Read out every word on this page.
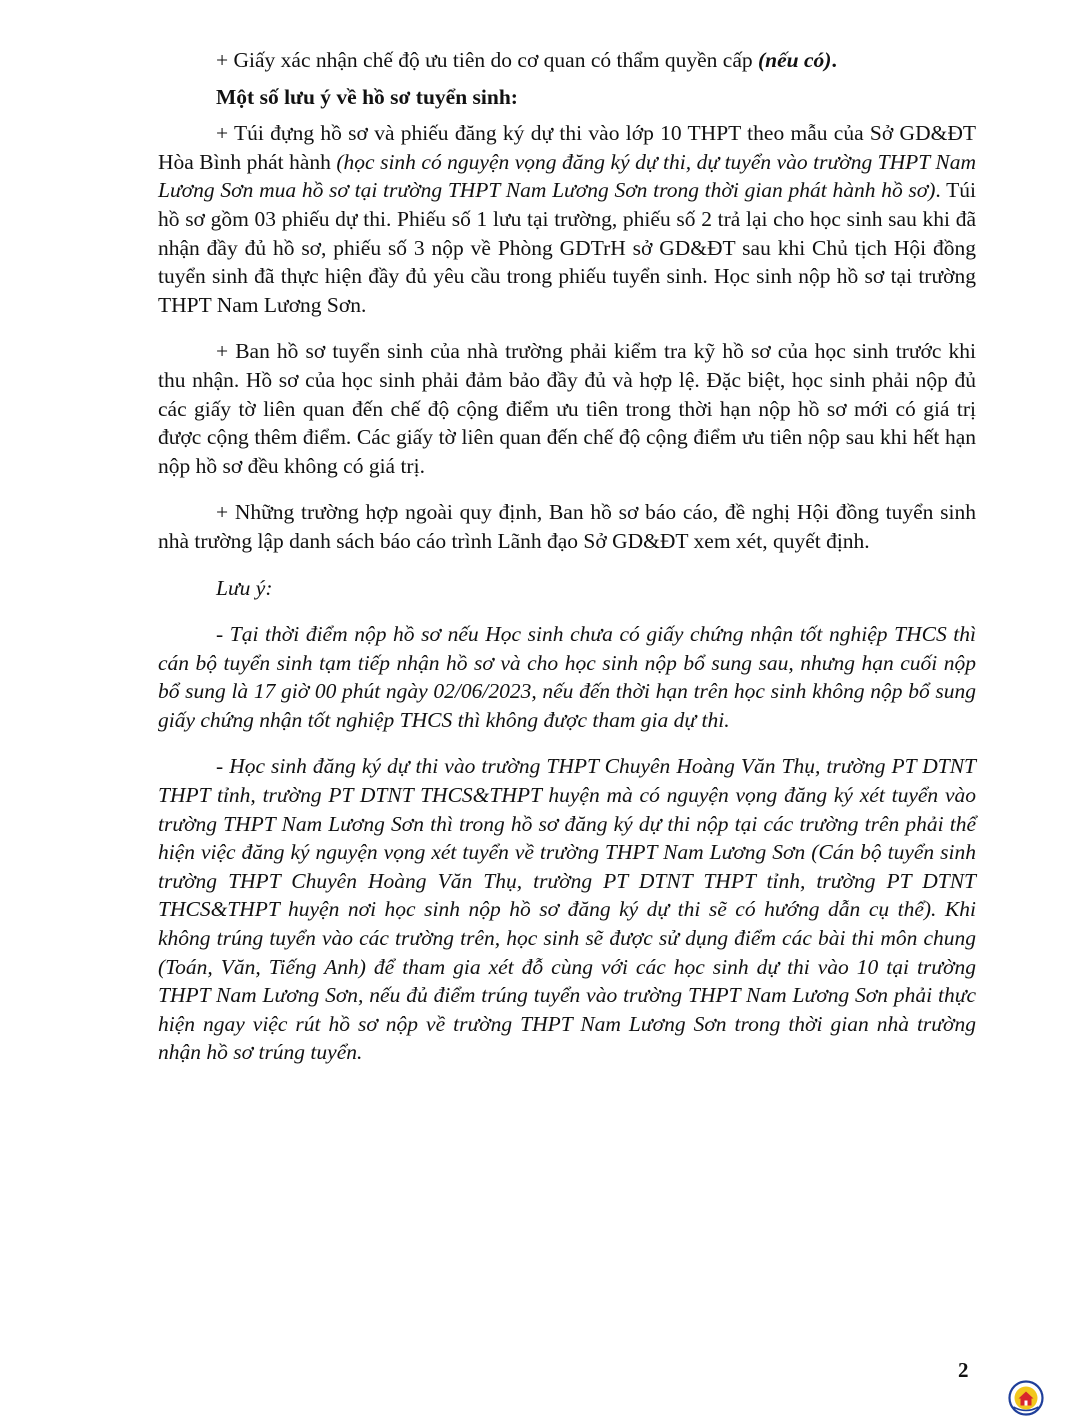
+ Giấy xác nhận chế độ ưu tiên do cơ quan có thẩm quyền cấp (nếu có).

Một số lưu ý về hồ sơ tuyển sinh:

+ Túi đựng hồ sơ và phiếu đăng ký dự thi vào lớp 10 THPT theo mẫu của Sở GD&ĐT Hòa Bình phát hành (học sinh có nguyện vọng đăng ký dự thi, dự tuyển vào trường THPT Nam Lương Sơn mua hồ sơ tại trường THPT Nam Lương Sơn trong thời gian phát hành hồ sơ). Túi hồ sơ gồm 03 phiếu dự thi. Phiếu số 1 lưu tại trường, phiếu số 2 trả lại cho học sinh sau khi đã nhận đầy đủ hồ sơ, phiếu số 3 nộp về Phòng GDTrH sở GD&ĐT sau khi Chủ tịch Hội đồng tuyển sinh đã thực hiện đầy đủ yêu cầu trong phiếu tuyển sinh. Học sinh nộp hồ sơ tại trường THPT Nam Lương Sơn.

+ Ban hồ sơ tuyển sinh của nhà trường phải kiểm tra kỹ hồ sơ của học sinh trước khi thu nhận. Hồ sơ của học sinh phải đảm bảo đầy đủ và hợp lệ. Đặc biệt, học sinh phải nộp đủ các giấy tờ liên quan đến chế độ cộng điểm ưu tiên trong thời hạn nộp hồ sơ mới có giá trị được cộng thêm điểm. Các giấy tờ liên quan đến chế độ cộng điểm ưu tiên nộp sau khi hết hạn nộp hồ sơ đều không có giá trị.

+ Những trường hợp ngoài quy định, Ban hồ sơ báo cáo, đề nghị Hội đồng tuyển sinh nhà trường lập danh sách báo cáo trình Lãnh đạo Sở GD&ĐT xem xét, quyết định.

Lưu ý:

- Tại thời điểm nộp hồ sơ nếu Học sinh chưa có giấy chứng nhận tốt nghiệp THCS thì cán bộ tuyển sinh tạm tiếp nhận hồ sơ và cho học sinh nộp bổ sung sau, nhưng hạn cuối nộp bổ sung là 17 giờ 00 phút ngày 02/06/2023, nếu đến thời hạn trên học sinh không nộp bổ sung giấy chứng nhận tốt nghiệp THCS thì không được tham gia dự thi.

- Học sinh đăng ký dự thi vào trường THPT Chuyên Hoàng Văn Thụ, trường PT DTNT THPT tỉnh, trường PT DTNT THCS&THPT huyện mà có nguyện vọng đăng ký xét tuyển vào trường THPT Nam Lương Sơn thì trong hồ sơ đăng ký dự thi nộp tại các trường trên phải thể hiện việc đăng ký nguyện vọng xét tuyển về trường THPT Nam Lương Sơn (Cán bộ tuyển sinh trường THPT Chuyên Hoàng Văn Thụ, trường PT DTNT THPT tỉnh, trường PT DTNT THCS&THPT huyện nơi học sinh nộp hồ sơ đăng ký dự thi sẽ có hướng dẫn cụ thể). Khi không trúng tuyển vào các trường trên, học sinh sẽ được sử dụng điểm các bài thi môn chung (Toán, Văn, Tiếng Anh) để tham gia xét đỗ cùng với các học sinh dự thi vào 10 tại trường THPT Nam Lương Sơn, nếu đủ điểm trúng tuyển vào trường THPT Nam Lương Sơn phải thực hiện ngay việc rút hồ sơ nộp về trường THPT Nam Lương Sơn trong thời gian nhà trường nhận hồ sơ trúng tuyển.

2
